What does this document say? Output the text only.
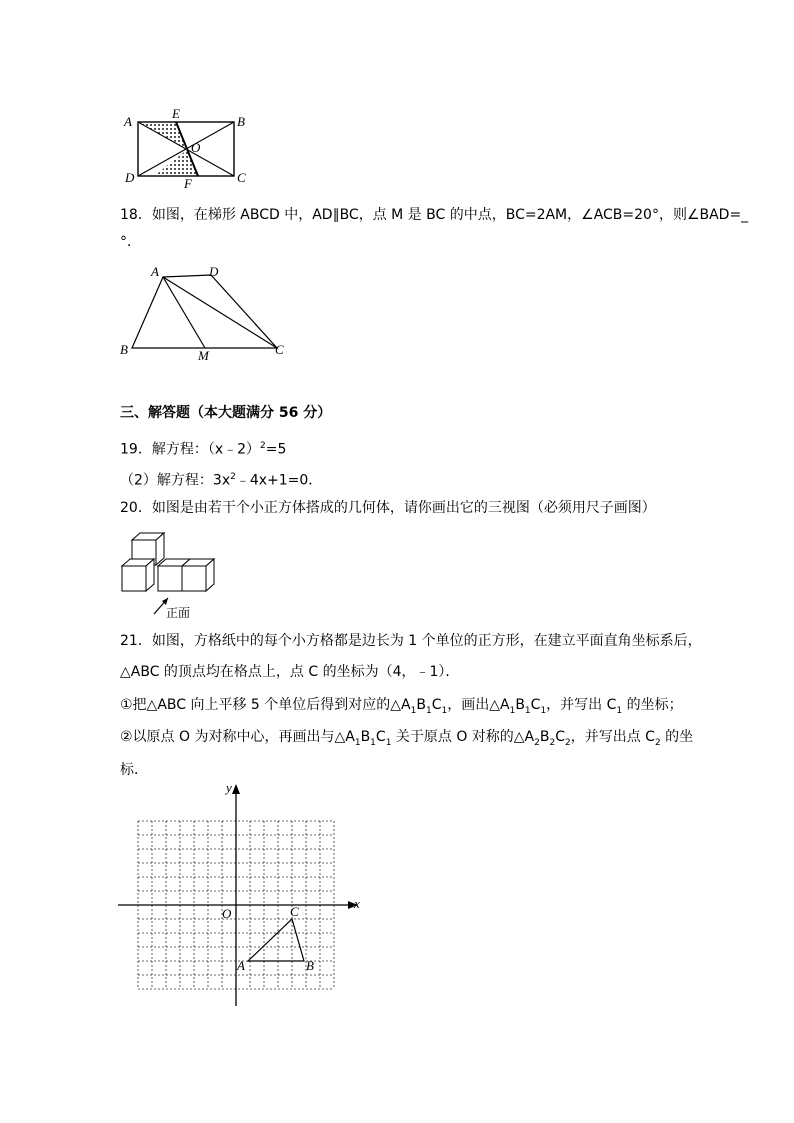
A
E
B
O
D	F	C
18．如图，在梯形 ABCD 中，AD∥BC，点 M 是 BC 的中点，BC=2AM，∠ACB=20°，则∠BAD=_
°．
A	D
B	M	C
三、解答题（本大题满分 56 分）
19．解方程：（x﹣2）$^2$=5
（2）解方程：$3x^2﹣4x+1=0$．
20．如图是由若干个小正方体搭成的几何体，请你画出它的三视图（必须用尺子画图）
正面
21．如图，方格纸中的每个小方格都是边长为 1 个单位的正方形，在建立平面直角坐标系后，
△ABC 的顶点均在格点上，点 C 的坐标为（4，﹣1）．
①把△ABC 向上平移 5 个单位后得到对应的$\triangle A_1B_1C_1$，画出$\triangle A_1B_1C_1$，并写出 $C_1$ 的坐标；
②以原点 O 为对称中心，再画出与$\triangle A_1B_1C_1$ 关于原点 O 对称的$\triangle A_2B_2C_2$，并写出点 $C_2$ 的坐
标．
y
x
O	C
A	B
